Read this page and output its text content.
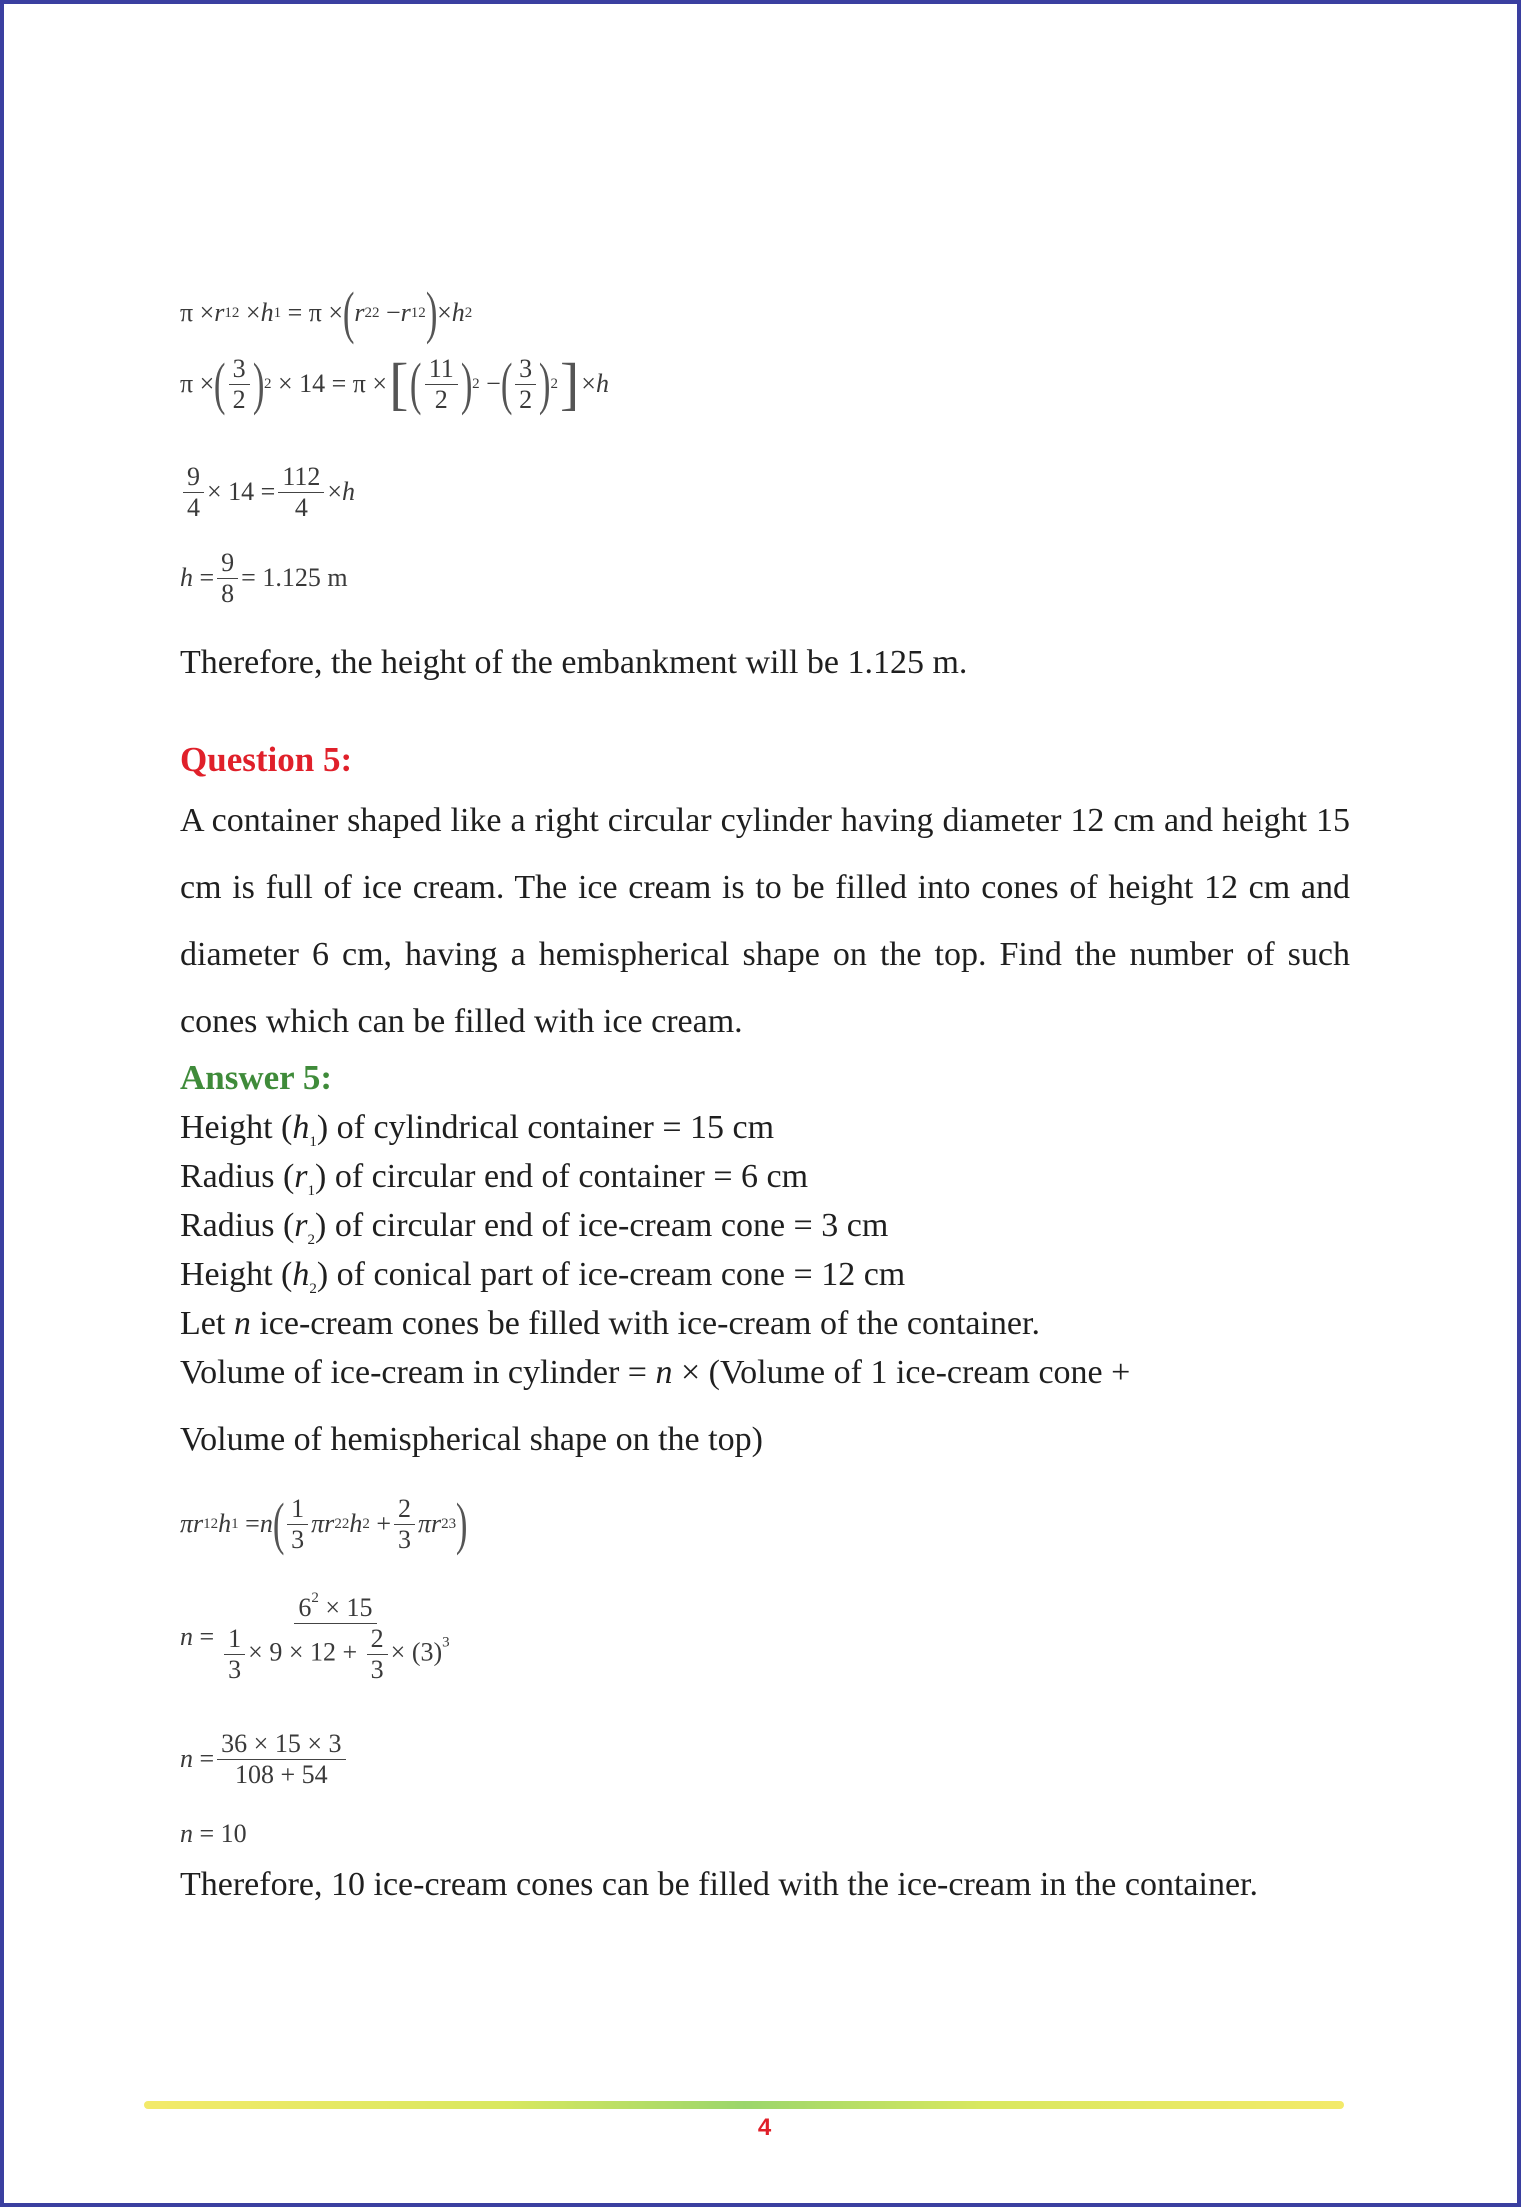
π × r 1 2 × h 1 = π × ( r 2 2 − r 1 2 ) × h 2
π × ( $\frac{3}{2}$ ) 2 × 14 = π × [ ( $\frac{11}{2}$ ) 2 − ( $\frac{3}{2}$ ) 2 ] × h
$\frac{9}{4} \times 14 = \frac{112}{4} \times h$
$h = \frac{9}{8} = 1.125$ m
Therefore, the height of the embankment will be 1.125 m.
Question 5:
A container shaped like a right circular cylinder having diameter 12 cm and height 15 cm is full of ice cream. The ice cream is to be filled into cones of height 12 cm and diameter 6 cm, having a hemispherical shape on the top. Find the number of such cones which can be filled with ice cream.
Answer 5:
Height $(h_1)$ of cylindrical container = 15 cm
Radius $(r_1)$ of circular end of container = 6 cm
Radius $(r_2)$ of circular end of ice-cream cone = 3 cm
Height $(h_2)$ of conical part of ice-cream cone = 12 cm
Let n ice-cream cones be filled with ice-cream of the container.
Volume of ice-cream in cylinder = n × (Volume of 1 ice-cream cone +
Volume of hemispherical shape on the top)
πr 1 2 h 1 = n ( $\frac{1}{3}$ πr 2 2 h $2 + \frac{2}{3}$ πr 2 3 )
$n = \frac{6^2 \times 15}{\frac{1}{3} \times 9 \times 12 + \frac{2}{3} \times (3)^3}$
$n = \frac{36 \times 15 \times 3}{108 + 54}$
n = 10
Therefore, 10 ice-cream cones can be filled with the ice-cream in the container.
4
